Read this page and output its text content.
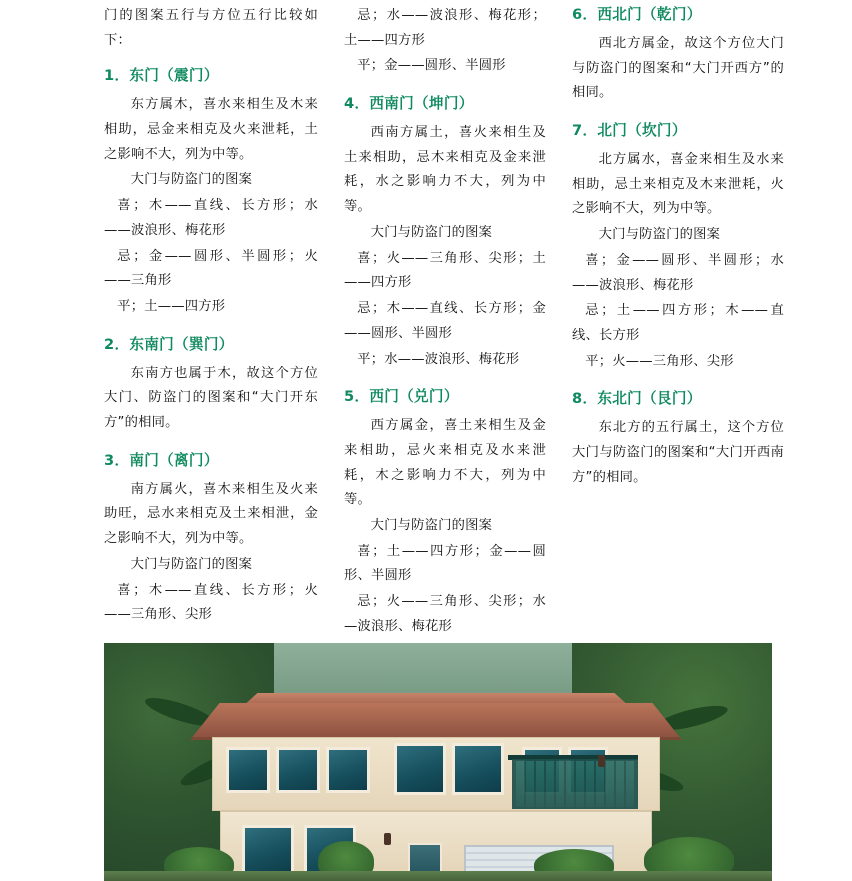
门的图案五行与方位五行比较如下：

1．东门（震门）

东方属木，喜水来相生及木来相助，忌金来相克及火来泄耗，土之影响不大，列为中等。

大门与防盗门的图案

喜；木——直线、长方形；水——波浪形、梅花形

忌；金——圆形、半圆形；火——三角形

平；土——四方形

2．东南门（巽门）

东南方也属于木，故这个方位大门、防盗门的图案和“大门开东方”的相同。

3．南门（离门）

南方属火，喜木来相生及火来助旺，忌水来相克及土来相泄，金之影响不大，列为中等。

大门与防盗门的图案

喜；木——直线、长方形；火——三角形、尖形

忌；水——波浪形、梅花形；土——四方形

平；金——圆形、半圆形

4．西南门（坤门）

西南方属土，喜火来相生及土来相助，忌木来相克及金来泄耗，水之影响力不大，列为中等。

大门与防盗门的图案

喜；火——三角形、尖形；土——四方形

忌；木——直线、长方形；金——圆形、半圆形

平；水——波浪形、梅花形

5．西门（兑门）

西方属金，喜土来相生及金来相助，忌火来相克及水来泄耗，木之影响力不大，列为中等。

大门与防盗门的图案

喜；土——四方形；金——圆形、半圆形

忌；火——三角形、尖形；水—波浪形、梅花形

6．西北门（乾门）

西北方属金，故这个方位大门与防盗门的图案和“大门开西方”的相同。

7．北门（坎门）

北方属水，喜金来相生及水来相助，忌土来相克及木来泄耗，火之影响不大，列为中等。

大门与防盗门的图案

喜；金——圆形、半圆形；水——波浪形、梅花形

忌；土——四方形；木——直线、长方形

平；火——三角形、尖形

8．东北门（艮门）

东北方的五行属土，这个方位大门与防盗门的图案和“大门开西南方”的相同。
